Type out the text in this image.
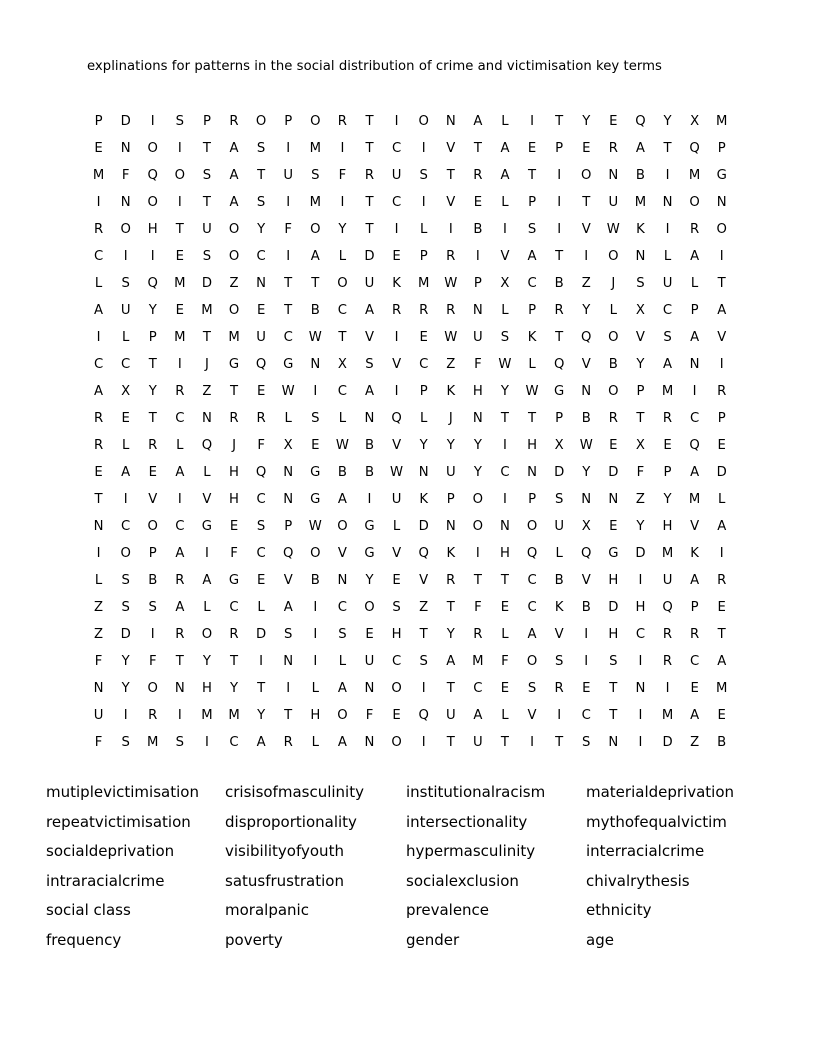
explinations for patterns in the social distribution of crime and victimisation key terms
P	D	I	S	P	R	O	P	O	R	T	I	O	N	A	L	I	T	Y	E	Q	Y	X	M
E	N	O	I	T	A	S	I	M	I	T	C	I	V	T	A	E	P	E	R	A	T	Q	P
M	F	Q	O	S	A	T	U	S	F	R	U	S	T	R	A	T	I	O	N	B	I	M	G
I	N	O	I	T	A	S	I	M	I	T	C	I	V	E	L	P	I	T	U	M	N	O	N
R	O	H	T	U	O	Y	F	O	Y	T	I	L	I	B	I	S	I	V	W	K	I	R	O
C	I	I	E	S	O	C	I	A	L	D	E	P	R	I	V	A	T	I	O	N	L	A	I
L	S	Q	M	D	Z	N	T	T	O	U	K	M	W	P	X	C	B	Z	J	S	U	L	T
A	U	Y	E	M	O	E	T	B	C	A	R	R	R	N	L	P	R	Y	L	X	C	P	A
I	L	P	M	T	M	U	C	W	T	V	I	E	W	U	S	K	T	Q	O	V	S	A	V
C	C	T	I	J	G	Q	G	N	X	S	V	C	Z	F	W	L	Q	V	B	Y	A	N	I
A	X	Y	R	Z	T	E	W	I	C	A	I	P	K	H	Y	W	G	N	O	P	M	I	R
R	E	T	C	N	R	R	L	S	L	N	Q	L	J	N	T	T	P	B	R	T	R	C	P
R	L	R	L	Q	J	F	X	E	W	B	V	Y	Y	Y	I	H	X	W	E	X	E	Q	E
E	A	E	A	L	H	Q	N	G	B	B	W	N	U	Y	C	N	D	Y	D	F	P	A	D
T	I	V	I	V	H	C	N	G	A	I	U	K	P	O	I	P	S	N	N	Z	Y	M	L
N	C	O	C	G	E	S	P	W	O	G	L	D	N	O	N	O	U	X	E	Y	H	V	A
I	O	P	A	I	F	C	Q	O	V	G	V	Q	K	I	H	Q	L	Q	G	D	M	K	I
L	S	B	R	A	G	E	V	B	N	Y	E	V	R	T	T	C	B	V	H	I	U	A	R
Z	S	S	A	L	C	L	A	I	C	O	S	Z	T	F	E	C	K	B	D	H	Q	P	E
Z	D	I	R	O	R	D	S	I	S	E	H	T	Y	R	L	A	V	I	H	C	R	R	T
F	Y	F	T	Y	T	I	N	I	L	U	C	S	A	M	F	O	S	I	S	I	R	C	A
N	Y	O	N	H	Y	T	I	L	A	N	O	I	T	C	E	S	R	E	T	N	I	E	M
U	I	R	I	M	M	Y	T	H	O	F	E	Q	U	A	L	V	I	C	T	I	M	A	E
F	S	M	S	I	C	A	R	L	A	N	O	I	T	U	T	I	T	S	N	I	D	Z	B
mutiplevictimisation
repeatvictimisation
socialdeprivation
intraracialcrime
social class
frequency
crisisofmasculinity
disproportionality
visibilityofyouth
satusfrustration
moralpanic
poverty
institutionalracism
intersectionality
hypermasculinity
socialexclusion
prevalence
gender
materialdeprivation
mythofequalvictim
interracialcrime
chivalrythesis
ethnicity
age
